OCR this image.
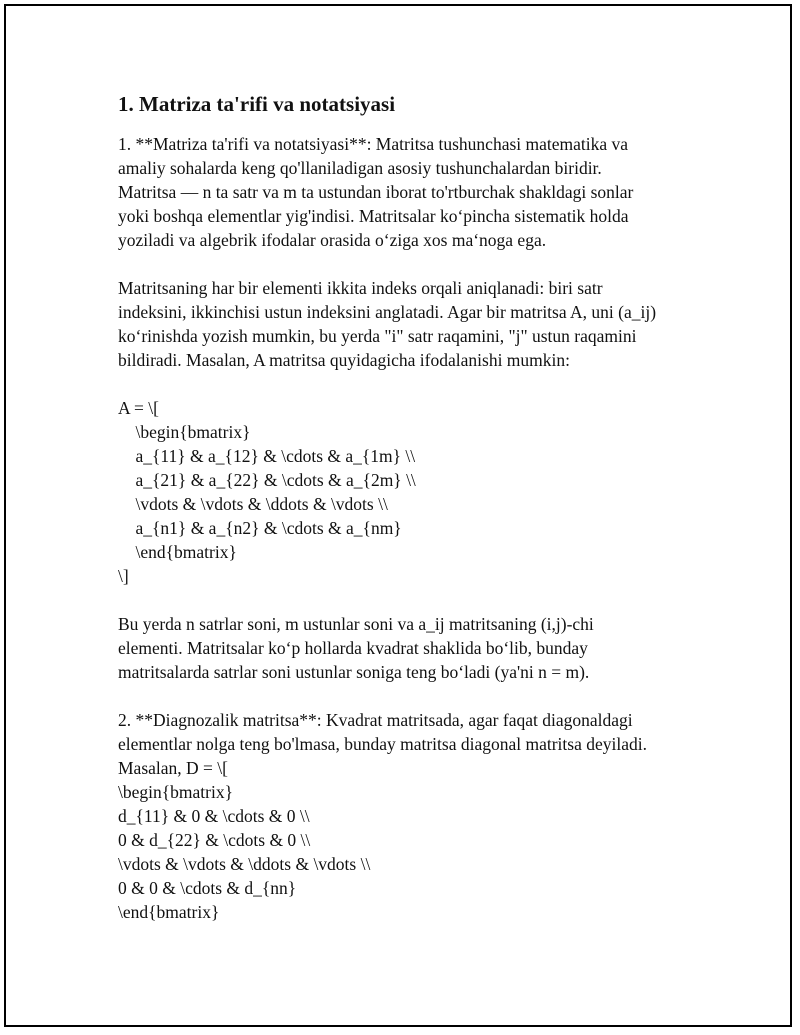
1. Matriza ta'rifi va notatsiyasi
1. **Matriza ta'rifi va notatsiyasi**: Matritsa tushunchasi matematika va
amaliy sohalarda keng qo'llaniladigan asosiy tushunchalardan biridir.
Matritsa — n ta satr va m ta ustundan iborat to'rtburchak shakldagi sonlar
yoki boshqa elementlar yig'indisi. Matritsalar ko‘pincha sistematik holda
yoziladi va algebrik ifodalar orasida o‘ziga xos ma‘noga ega.
Matritsaning har bir elementi ikkita indeks orqali aniqlanadi: biri satr
indeksini, ikkinchisi ustun indeksini anglatadi. Agar bir matritsa A, uni (a_ij)
ko‘rinishda yozish mumkin, bu yerda "i" satr raqamini, "j" ustun raqamini
bildiradi. Masalan, A matritsa quyidagicha ifodalanishi mumkin:
A = \[
\begin{bmatrix}
a_{11} & a_{12} & \cdots & a_{1m} \\
a_{21} & a_{22} & \cdots & a_{2m} \\
\vdots & \vdots & \ddots & \vdots \\
a_{n1} & a_{n2} & \cdots & a_{nm}
\end{bmatrix}
\]
Bu yerda n satrlar soni, m ustunlar soni va a_ij matritsaning (i,j)-chi
elementi. Matritsalar ko‘p hollarda kvadrat shaklida bo‘lib, bunday
matritsalarda satrlar soni ustunlar soniga teng bo‘ladi (ya'ni n = m).
2. **Diagnozalik matritsa**: Kvadrat matritsada, agar faqat diagonaldagi
elementlar nolga teng bo'lmasa, bunday matritsa diagonal matritsa deyiladi.
Masalan, D = \[
\begin{bmatrix}
d_{11} & 0 & \cdots & 0 \\
0 & d_{22} & \cdots & 0 \\
\vdots & \vdots & \ddots & \vdots \\
0 & 0 & \cdots & d_{nn}
\end{bmatrix}
